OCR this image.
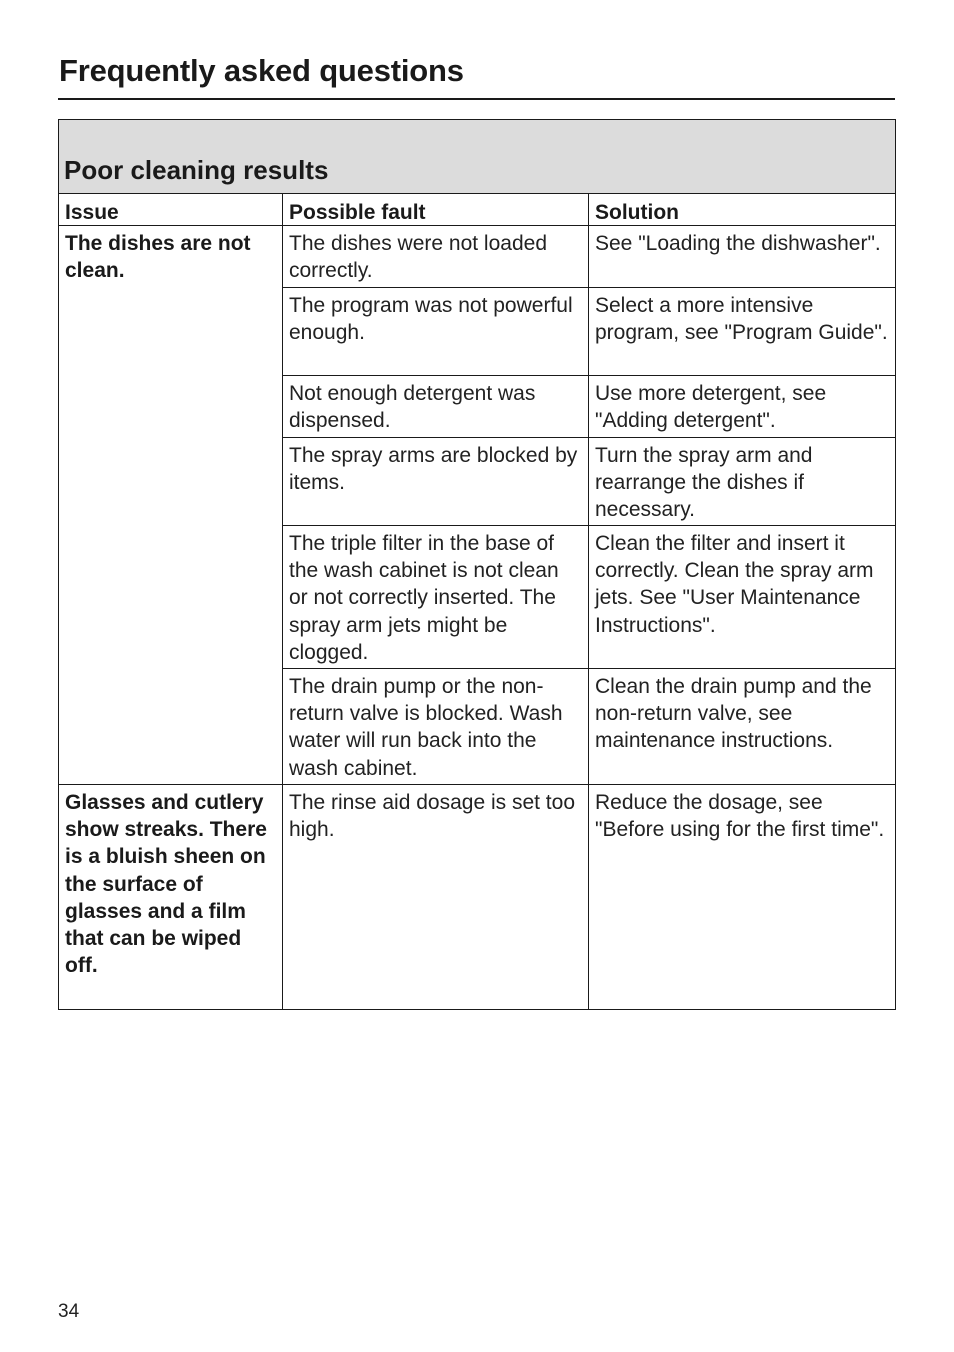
Frequently asked questions
Poor cleaning results		
Issue	Possible fault	Solution
The dishes are not clean.	The dishes were not loaded correctly.	See "Loading the dishwasher".
	The program was not powerful enough.	Select a more intensive program, see "Program Guide".
	Not enough detergent was dispensed.	Use more detergent, see "Adding detergent".
	The spray arms are blocked by items.	Turn the spray arm and rearrange the dishes if necessary.
	The triple filter in the base of the wash cabinet is not clean or not correctly inserted. The spray arm jets might be clogged.	Clean the filter and insert it correctly. Clean the spray arm jets. See "User Maintenance Instructions".
	The drain pump or the non-return valve is blocked. Wash water will run back into the wash cabinet.	Clean the drain pump and the non-return valve, see maintenance instructions.
Glasses and cutlery show streaks. There is a bluish sheen on the surface of glasses and a film that can be wiped off.	The rinse aid dosage is set too high.	Reduce the dosage, see "Before using for the first time".
34
